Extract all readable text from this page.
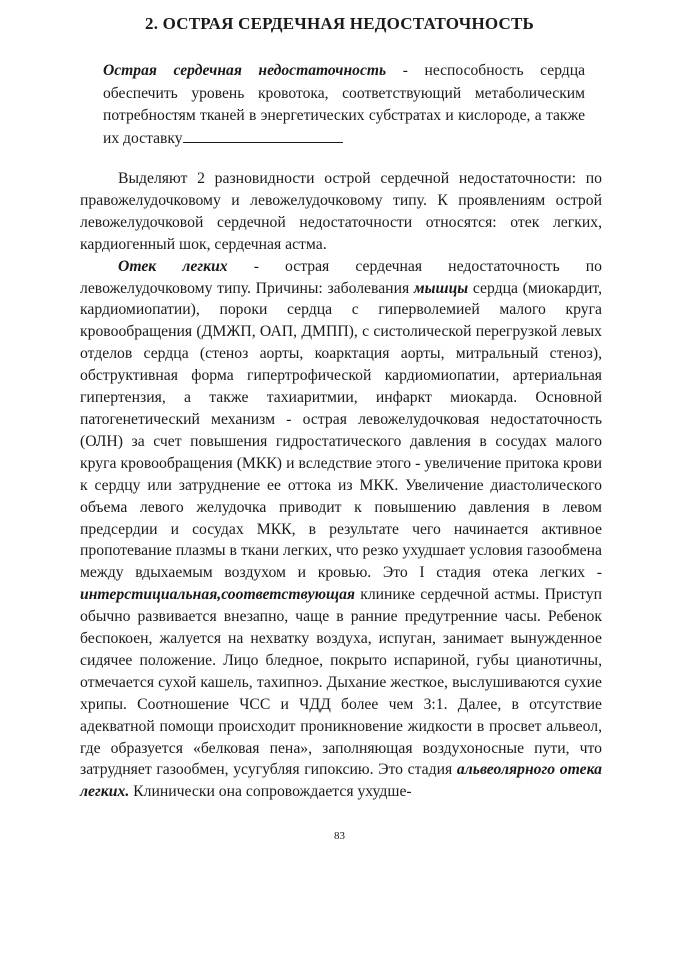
2. ОСТРАЯ СЕРДЕЧНАЯ НЕДОСТАТОЧНОСТЬ
Острая сердечная недостаточность - неспособность сердца обеспечить уровень кровотока, соответствующий метаболическим потребностям тканей в энергетических субстратах и кислороде, а также их доставку

Выделяют 2 разновидности острой сердечной недостаточности: по правожелудочковому и левожелудочковому типу. К проявлениям острой левожелудочковой сердечной недостаточности относятся: отек легких, кардиогенный шок, сердечная астма.

Отек легких - острая сердечная недостаточность по левожелудочковому типу. Причины: заболевания мышцы сердца (миокардит, кардиомиопатии), пороки сердца с гиперволемией малого круга кровообращения (ДМЖП, ОАП, ДМПП), с систолической перегрузкой левых отделов сердца (стеноз аорты, коарктация аорты, митральный стеноз), обструктивная форма гипертрофической кардиомиопатии, артериальная гипертензия, а также тахиаритмии, инфаркт миокарда. Основной патогенетический механизм - острая левожелудочковая недостаточность (ОЛН) за счет повышения гидростатического давления в сосудах малого круга кровообращения (МКК) и вследствие этого - увеличение притока крови к сердцу или затруднение ее оттока из МКК. Увеличение диастолического объема левого желудочка приводит к повышению давления в левом предсердии и сосудах МКК, в результате чего начинается активное пропотевание плазмы в ткани легких, что резко ухудшает условия газообмена между вдыхаемым воздухом и кровью. Это I стадия отека легких - интерстициальная,соответствующая клинике сердечной астмы. Приступ обычно развивается внезапно, чаще в ранние предутренние часы. Ребенок беспокоен, жалуется на нехватку воздуха, испуган, занимает вынужденное сидячее положение. Лицо бледное, покрыто испариной, губы цианотичны, отмечается сухой кашель, тахипноэ. Дыхание жесткое, выслушиваются сухие хрипы. Соотношение ЧСС и ЧДД более чем 3:1. Далее, в отсутствие адекватной помощи происходит проникновение жидкости в просвет альвеол, где образуется «белковая пена», заполняющая воздухоносные пути, что затрудняет газообмен, усугубляя гипоксию. Это стадия альвеолярного отека легких. Клинически она сопровождается ухудше-

83
